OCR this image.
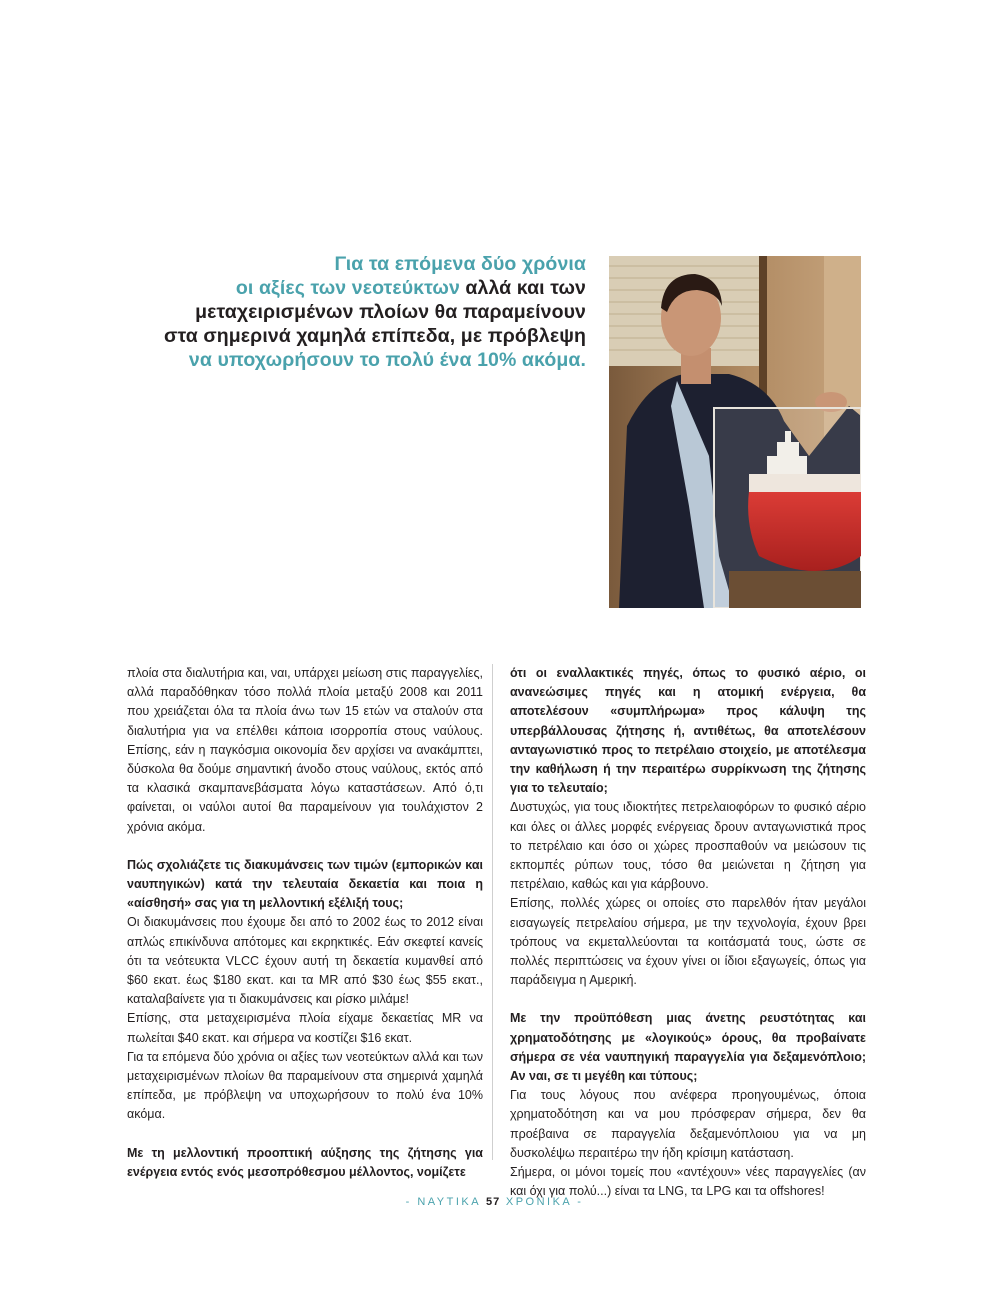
Για τα επόμενα δύο χρόνια
οι αξίες των νεοτεύκτων αλλά και των
μεταχειρισμένων πλοίων θα παραμείνουν
στα σημερινά χαμηλά επίπεδα, με πρόβλεψη
να υποχωρήσουν το πολύ ένα 10% ακόμα.

πλοία στα διαλυτήρια και, ναι, υπάρχει μείωση στις παραγγελίες, αλλά παραδόθηκαν τόσο πολλά πλοία μεταξύ 2008 και 2011 που χρειάζεται όλα τα πλοία άνω των 15 ετών να σταλούν στα διαλυτήρια για να επέλθει κάποια ισορροπία στους ναύλους. Επίσης, εάν η παγκόσμια οικονομία δεν αρχίσει να ανακάμπτει, δύσκολα θα δούμε σημαντική άνοδο στους ναύλους, εκτός από τα κλασικά σκαμπανεβάσματα λόγω καταστάσεων. Από ό,τι φαίνεται, οι ναύλοι αυτοί θα παραμείνουν για τουλάχιστον 2 χρόνια ακόμα.

Πώς σχολιάζετε τις διακυμάνσεις των τιμών (εμπορικών και ναυπηγικών) κατά την τελευταία δεκαετία και ποια η «αίσθησή» σας για τη μελλοντική εξέλιξή τους;

Οι διακυμάνσεις που έχουμε δει από το 2002 έως το 2012 είναι απλώς επικίνδυνα απότομες και εκρηκτικές. Εάν σκεφτεί κανείς ότι τα νεότευκτα VLCC έχουν αυτή τη δεκαετία κυμανθεί από $60 εκατ. έως $180 εκατ. και τα MR από $30 έως $55 εκατ., καταλαβαίνετε για τι διακυμάνσεις και ρίσκο μιλάμε!

Επίσης, στα μεταχειρισμένα πλοία είχαμε δεκαετίας MR να πωλείται $40 εκατ. και σήμερα να κοστίζει $16 εκατ.

Για τα επόμενα δύο χρόνια οι αξίες των νεοτεύκτων αλλά και των μεταχειρισμένων πλοίων θα παραμείνουν στα σημερινά χαμηλά επίπεδα, με πρόβλεψη να υποχωρήσουν το πολύ ένα 10% ακόμα.

Με τη μελλοντική προοπτική αύξησης της ζήτησης για ενέργεια εντός ενός μεσοπρόθεσμου μέλλοντος, νομίζετε

ότι οι εναλλακτικές πηγές, όπως το φυσικό αέριο, οι ανανεώσιμες πηγές και η ατομική ενέργεια, θα αποτελέσουν «συμπλήρωμα» προς κάλυψη της υπερβάλλουσας ζήτησης ή, αντιθέτως, θα αποτελέσουν ανταγωνιστικό προς το πετρέλαιο στοιχείο, με αποτέλεσμα την καθήλωση ή την περαιτέρω συρρίκνωση της ζήτησης για το τελευταίο;

Δυστυχώς, για τους ιδιοκτήτες πετρελαιοφόρων το φυσικό αέριο και όλες οι άλλες μορφές ενέργειας δρουν ανταγωνιστικά προς το πετρέλαιο και όσο οι χώρες προσπαθούν να μειώσουν τις εκπομπές ρύπων τους, τόσο θα μειώνεται η ζήτηση για πετρέλαιο, καθώς και για κάρβουνο.

Επίσης, πολλές χώρες οι οποίες στο παρελθόν ήταν μεγάλοι εισαγωγείς πετρελαίου σήμερα, με την τεχνολογία, έχουν βρει τρόπους να εκμεταλλεύονται τα κοιτάσματά τους, ώστε σε πολλές περιπτώσεις να έχουν γίνει οι ίδιοι εξαγωγείς, όπως για παράδειγμα η Αμερική.

Με την προϋπόθεση μιας άνετης ρευστότητας και χρηματοδότησης με «λογικούς» όρους, θα προβαίνατε σήμερα σε νέα ναυπηγική παραγγελία για δεξαμενόπλοιο; Αν ναι, σε τι μεγέθη και τύπους;

Για τους λόγους που ανέφερα προηγουμένως, όποια χρηματοδότηση και να μου πρόσφεραν σήμερα, δεν θα προέβαινα σε παραγγελία δεξαμενόπλοιου για να μη δυσκολέψω περαιτέρω την ήδη κρίσιμη κατάσταση.

Σήμερα, οι μόνοι τομείς που «αντέχουν» νέες παραγγελίες (αν και όχι για πολύ...) είναι τα LNG, τα LPG και τα offshores!

- ΝΑΥΤΙΚΑ 57 ΧΡΟΝΙΚΑ -
